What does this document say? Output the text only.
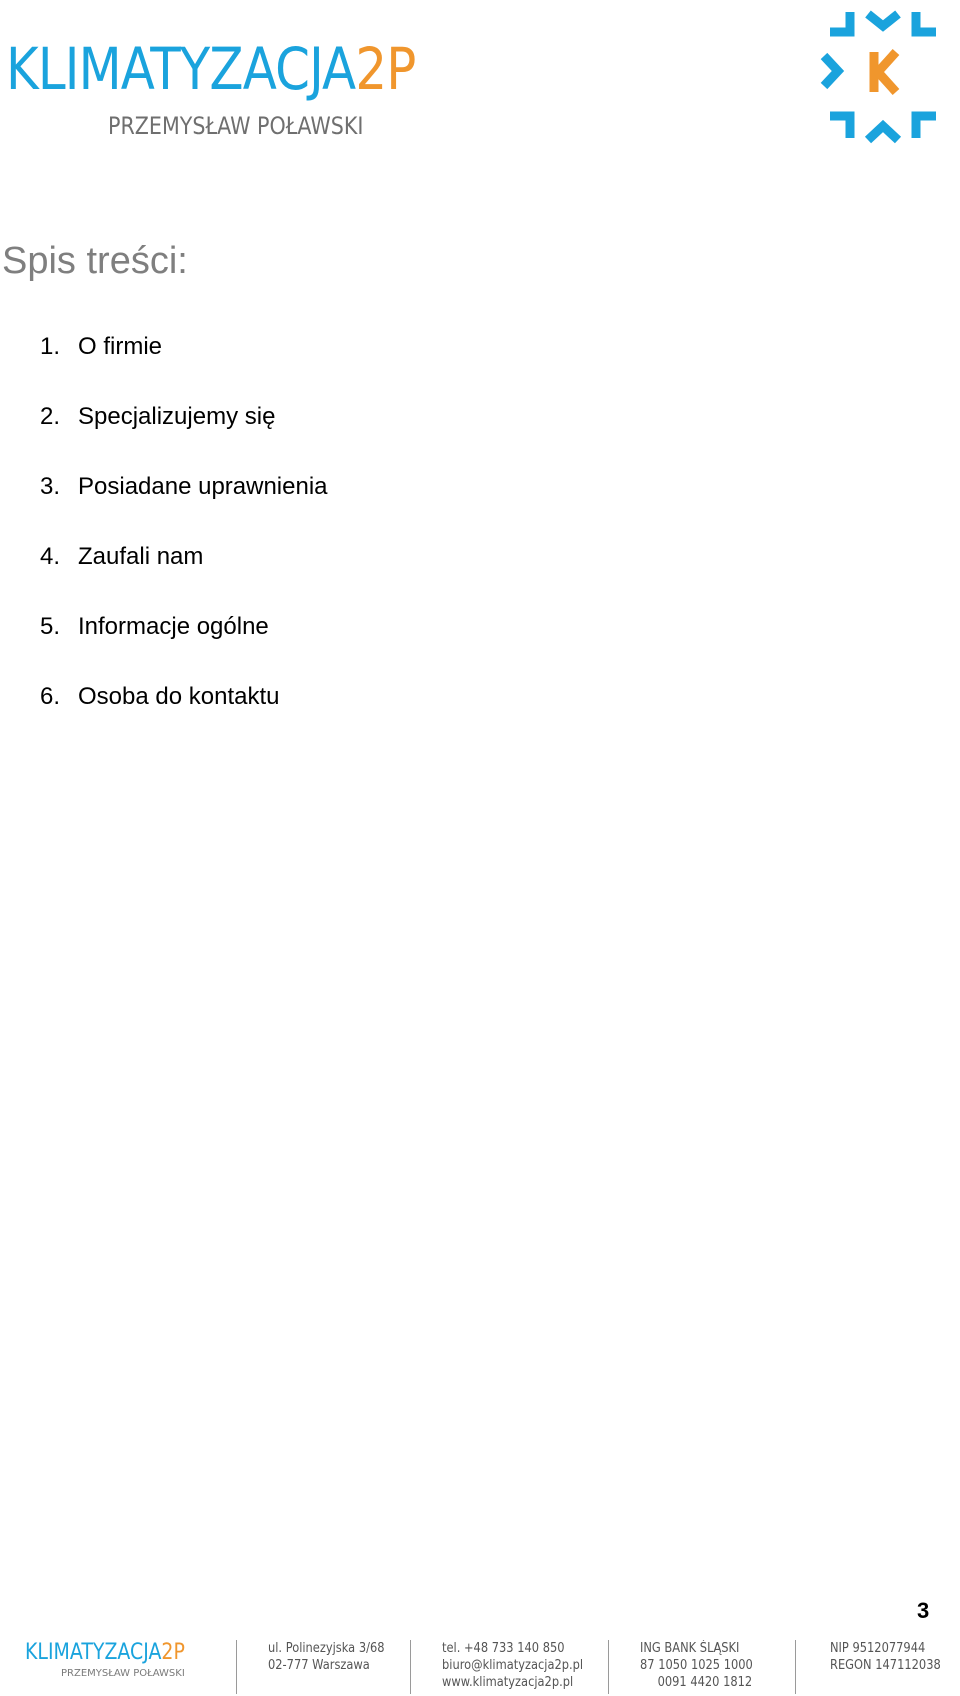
KLIMATYZACJA2P
PRZEMYSŁAW POŁAWSKI
Spis treści:
1. O firmie
2. Specjalizujemy się
3. Posiadane uprawnienia
4. Zaufali nam
5. Informacje ogólne
6. Osoba do kontaktu
3
KLIMATYZACJA2P
PRZEMYSŁAW POŁAWSKI
ul. Polinezyjska 3/68
02-777 Warszawa
tel. +48 733 140 850
biuro@klimatyzacja2p.pl
www.klimatyzacja2p.pl
ING BANK ŚLĄSKI
87 1050 1025 1000
0091 4420 1812
NIP 9512077944
REGON 147112038
